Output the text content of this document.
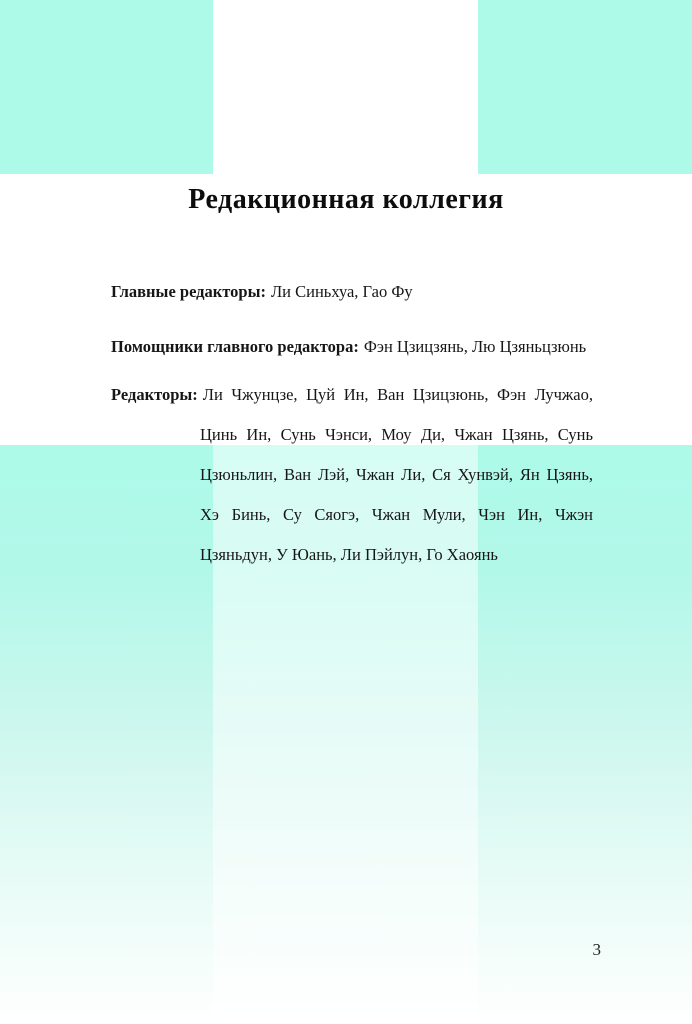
Редакционная коллегия

Главные редакторы: Ли Синьхуа, Гао Фу

Помощники главного редактора: Фэн Цзицзянь, Лю Цзяньцзюнь

Редакторы: Ли Чжунцзе, Цуй Ин, Ван Цзицзюнь, Фэн Лучжао, Цинь Ин, Сунь Чэнси, Моу Ди, Чжан Цзянь, Сунь Цзюньлин, Ван Лэй, Чжан Ли, Ся Хунвэй, Ян Цзянь, Хэ Бинь, Су Сяогэ, Чжан Мули, Чэн Ин, Чжэн Цзяньдун, У Юань, Ли Пэйлун, Го Хаоянь

3
